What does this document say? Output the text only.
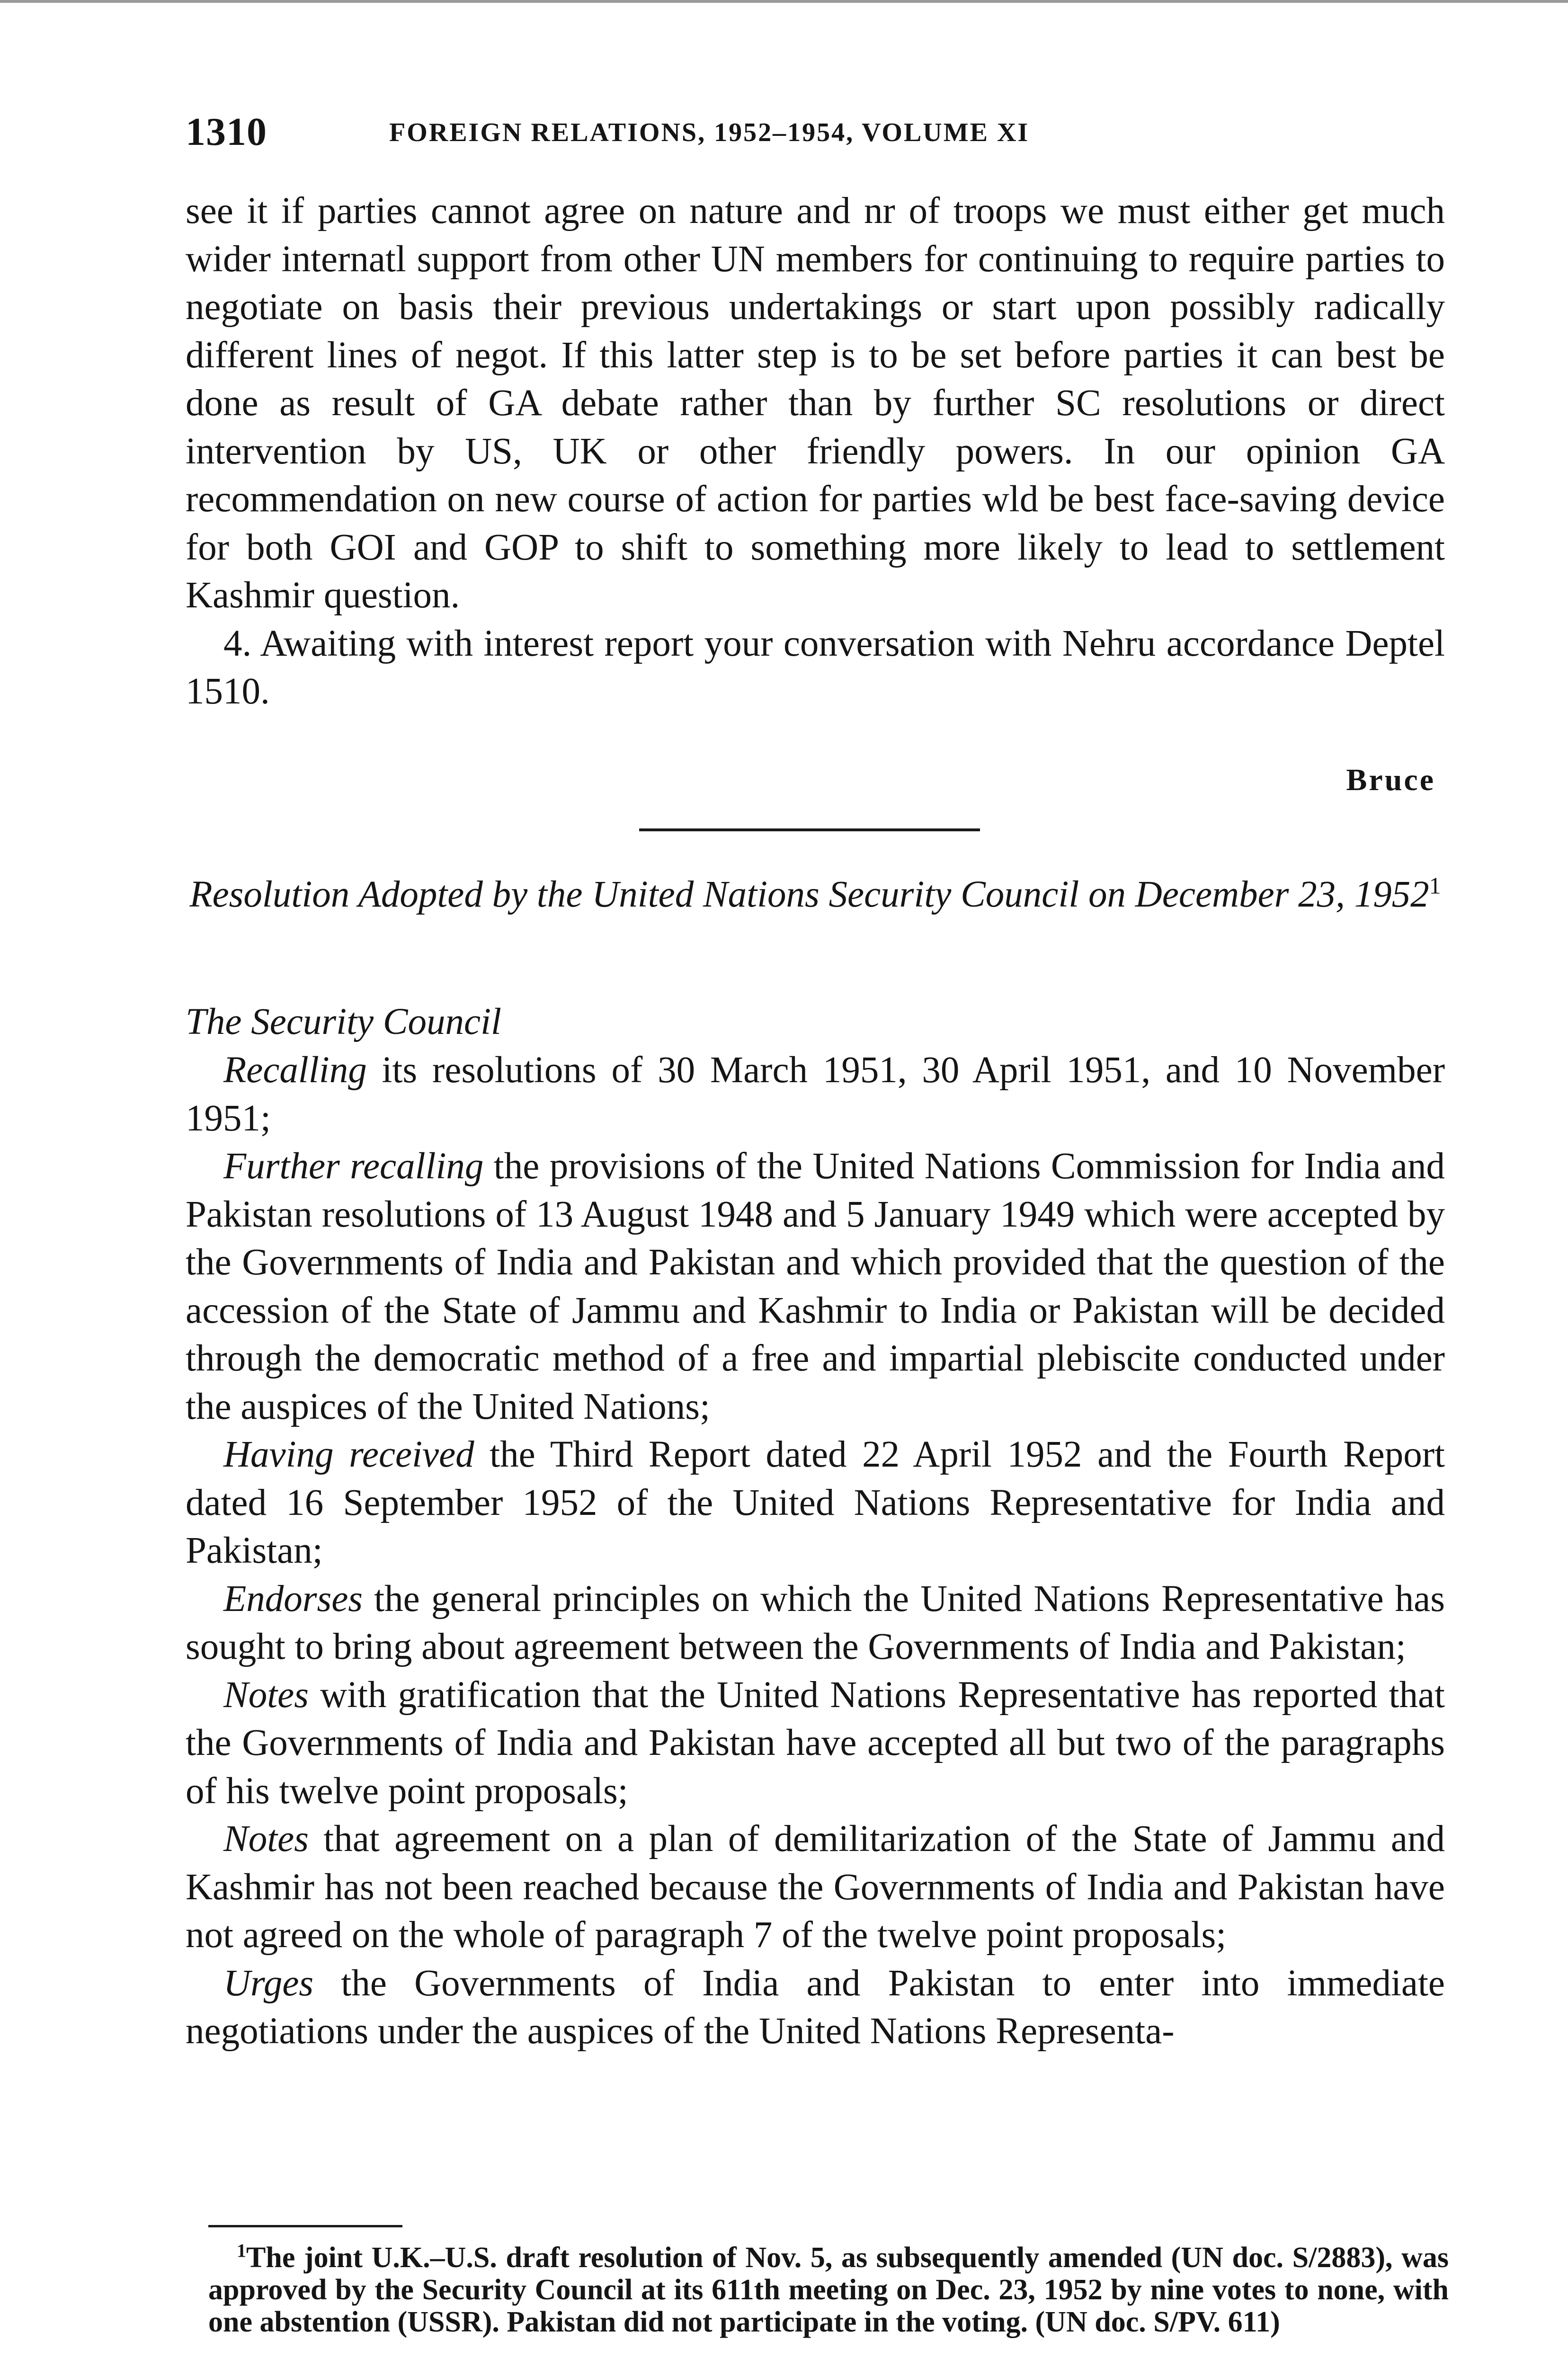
1310	FOREIGN RELATIONS, 1952–1954, VOLUME XI

see it if parties cannot agree on nature and nr of troops we must either get much wider internatl support from other UN members for continuing to require parties to negotiate on basis their previous undertakings or start upon possibly radically different lines of negot. If this latter step is to be set before parties it can best be done as result of GA debate rather than by further SC resolutions or direct intervention by US, UK or other friendly powers. In our opinion GA recommendation on new course of action for parties wld be best face-saving device for both GOI and GOP to shift to something more likely to lead to settlement Kashmir question.

4. Awaiting with interest report your conversation with Nehru accordance Deptel 1510.

Bruce
Resolution Adopted by the United Nations Security Council on December 23, 1952$^1$
The Security Council

Recalling its resolutions of 30 March 1951, 30 April 1951, and 10 November 1951;

Further recalling the provisions of the United Nations Commission for India and Pakistan resolutions of 13 August 1948 and 5 January 1949 which were accepted by the Governments of India and Pakistan and which provided that the question of the accession of the State of Jammu and Kashmir to India or Pakistan will be decided through the democratic method of a free and impartial plebiscite conducted under the auspices of the United Nations;

Having received the Third Report dated 22 April 1952 and the Fourth Report dated 16 September 1952 of the United Nations Representative for India and Pakistan;

Endorses the general principles on which the United Nations Representative has sought to bring about agreement between the Governments of India and Pakistan;

Notes with gratification that the United Nations Representative has reported that the Governments of India and Pakistan have accepted all but two of the paragraphs of his twelve point proposals;

Notes that agreement on a plan of demilitarization of the State of Jammu and Kashmir has not been reached because the Governments of India and Pakistan have not agreed on the whole of paragraph 7 of the twelve point proposals;

Urges the Governments of India and Pakistan to enter into immediate negotiations under the auspices of the United Nations Representa-

$^1$The joint U.K.–U.S. draft resolution of Nov. 5, as subsequently amended (UN doc. S/2883), was approved by the Security Council at its 611th meeting on Dec. 23, 1952 by nine votes to none, with one abstention (USSR). Pakistan did not participate in the voting. (UN doc. S/PV. 611)
